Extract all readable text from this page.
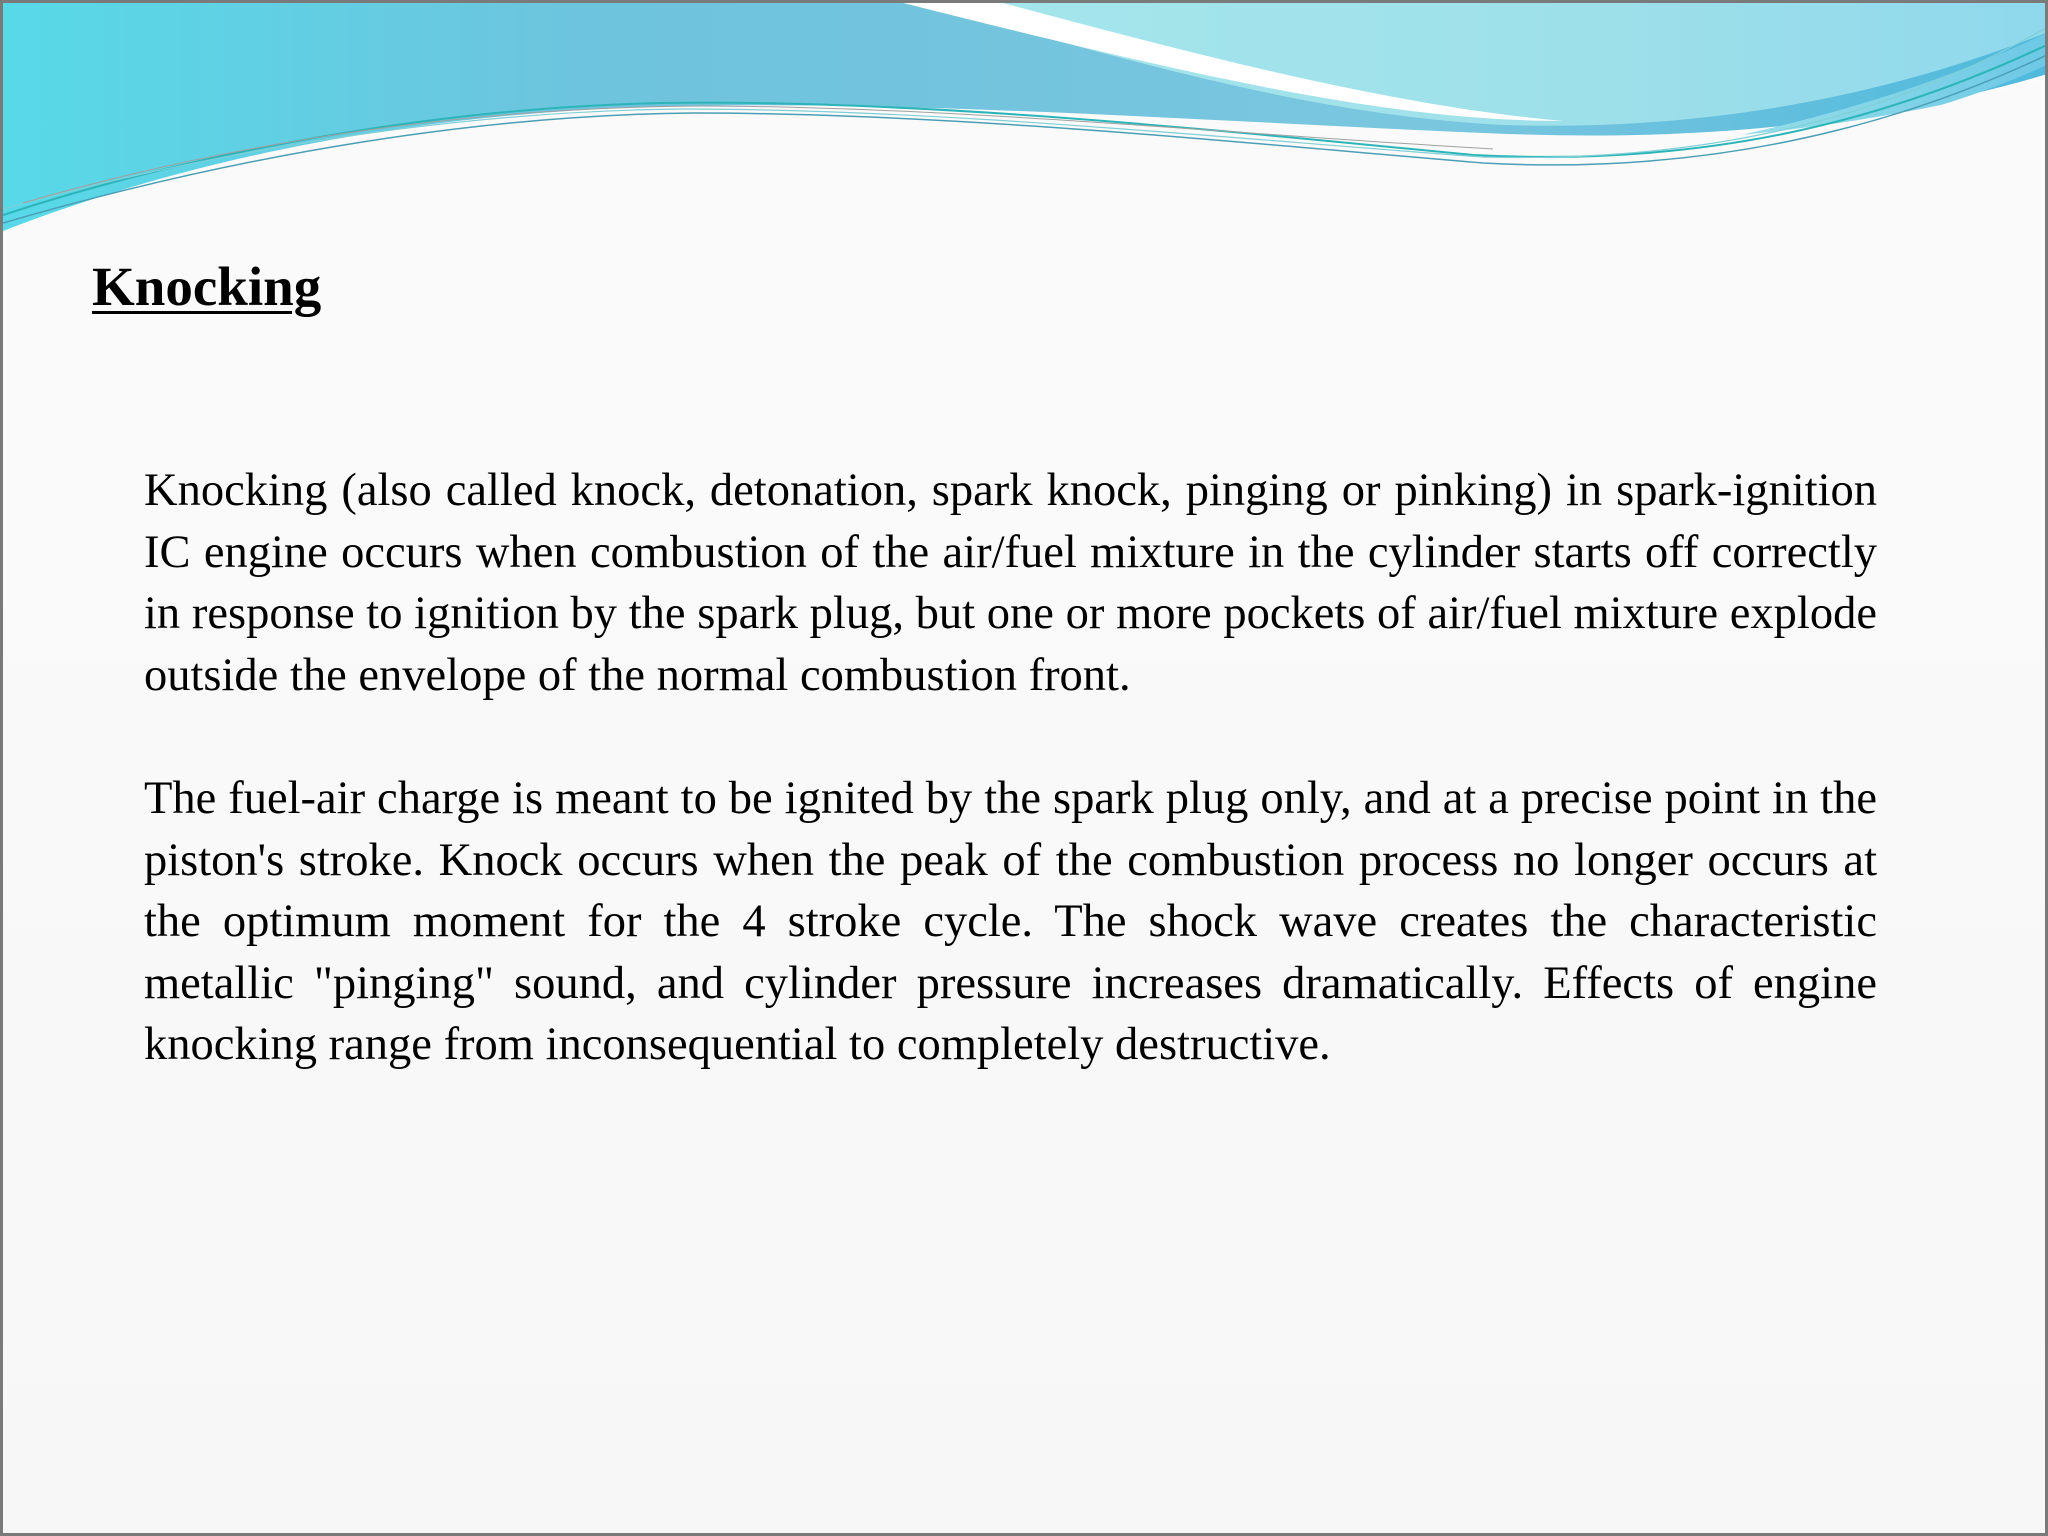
Knocking

Knocking (also called knock, detonation, spark knock, pinging or pinking) in spark-ignition IC engine occurs when combustion of the air/fuel mixture in the cylinder starts off correctly in response to ignition by the spark plug, but one or more pockets of air/fuel mixture explode outside the envelope of the normal combustion front.

The fuel-air charge is meant to be ignited by the spark plug only, and at a precise point in the piston's stroke. Knock occurs when the peak of the combustion process no longer occurs at the optimum moment for the 4 stroke cycle. The shock wave creates the characteristic metallic "pinging" sound, and cylinder pressure increases dramatically. Effects of engine knocking range from inconsequential to completely destructive.
